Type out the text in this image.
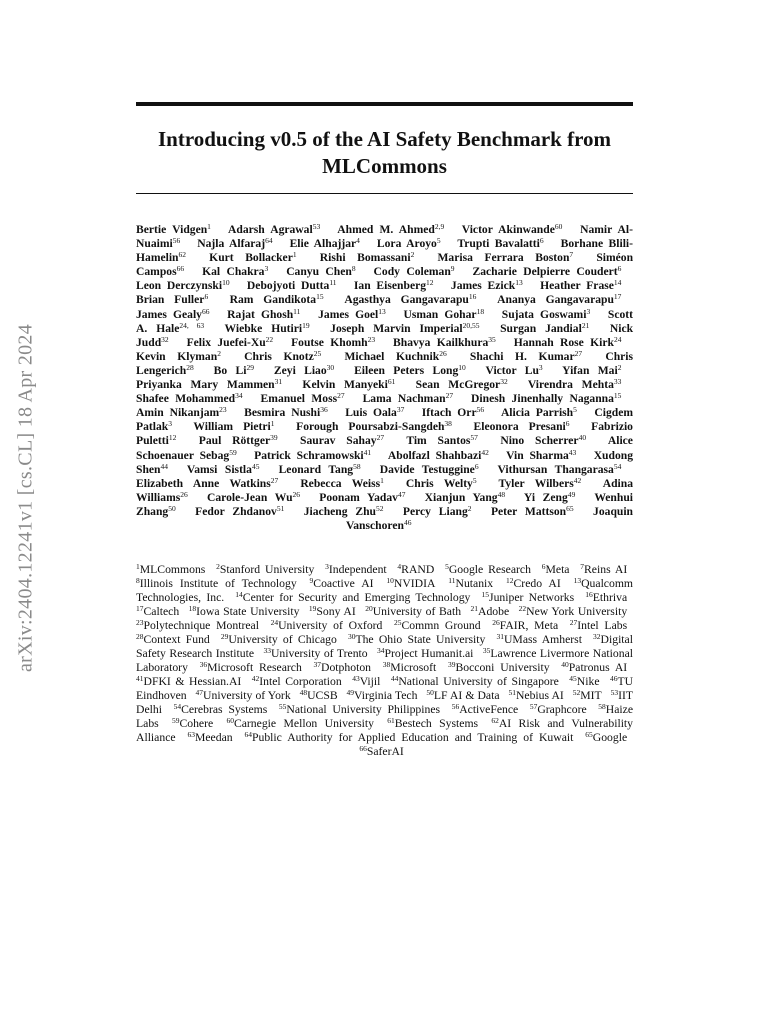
arXiv:2404.12241v1 [cs.CL] 18 Apr 2024
Introducing v0.5 of the AI Safety Benchmark from MLCommons
Bertie Vidgen$^1$  Adarsh Agrawal$^{53}$  Ahmed M. Ahmed$^{2,9}$  Victor Akinwande$^{60}$  Namir Al-Nuaimi$^{56}$  Najla Alfaraj$^{64}$  Elie Alhajjar$^4$  Lora Aroyo$^5$  Trupti Bavalatti$^6$  Borhane Blili-Hamelin$^{62}$  Kurt Bollacker$^1$  Rishi Bomassani$^2$  Marisa Ferrara Boston$^7$  Siméon Campos$^{66}$  Kal Chakra$^3$  Canyu Chen$^8$  Cody Coleman$^9$  Zacharie Delpierre Coudert$^6$  Leon Derczynski$^{10}$  Debojyoti Dutta$^{11}$  Ian Eisenberg$^{12}$  James Ezick$^{13}$  Heather Frase$^{14}$  Brian Fuller$^6$  Ram Gandikota$^{15}$  Agasthya Gangavarapu$^{16}$  Ananya Gangavarapu$^{17}$  James Gealy$^{66}$  Rajat Ghosh$^{11}$  James Goel$^{13}$  Usman Gohar$^{18}$  Sujata Goswami$^3$  Scott A. Hale$^{24, 63}$  Wiebke Hutiri$^{19}$  Joseph Marvin Imperial$^{20,55}$  Surgan Jandial$^{21}$  Nick Judd$^{32}$  Felix Juefei-Xu$^{22}$  Foutse Khomh$^{23}$  Bhavya Kailkhura$^{35}$  Hannah Rose Kirk$^{24}$  Kevin Klyman$^2$  Chris Knotz$^{25}$  Michael Kuchnik$^{26}$  Shachi H. Kumar$^{27}$  Chris Lengerich$^{28}$  Bo Li$^{29}$  Zeyi Liao$^{30}$  Eileen Peters Long$^{10}$  Victor Lu$^3$  Yifan Mai$^2$  Priyanka Mary Mammen$^{31}$  Kelvin Manyeki$^{61}$  Sean McGregor$^{32}$  Virendra Mehta$^{33}$  Shafee Mohammed$^{34}$  Emanuel Moss$^{27}$  Lama Nachman$^{27}$  Dinesh Jinenhally Naganna$^{15}$  Amin Nikanjam$^{23}$  Besmira Nushi$^{36}$  Luis Oala$^{37}$  Iftach Orr$^{56}$  Alicia Parrish$^5$  Cigdem Patlak$^3$  William Pietri$^1$  Forough Poursabzi-Sangdeh$^{38}$  Eleonora Presani$^6$  Fabrizio Puletti$^{12}$  Paul Röttger$^{39}$  Saurav Sahay$^{27}$  Tim Santos$^{57}$  Nino Scherrer$^{40}$  Alice Schoenauer Sebag$^{59}$  Patrick Schramowski$^{41}$  Abolfazl Shahbazi$^{42}$  Vin Sharma$^{43}$  Xudong Shen$^{44}$  Vamsi Sistla$^{45}$  Leonard Tang$^{58}$  Davide Testuggine$^6$  Vithursan Thangarasa$^{54}$  Elizabeth Anne Watkins$^{27}$  Rebecca Weiss$^1$  Chris Welty$^5$  Tyler Wilbers$^{42}$  Adina Williams$^{26}$  Carole-Jean Wu$^{26}$  Poonam Yadav$^{47}$  Xianjun Yang$^{48}$  Yi Zeng$^{49}$  Wenhui Zhang$^{50}$  Fedor Zhdanov$^{51}$  Jiacheng Zhu$^{52}$  Percy Liang$^2$  Peter Mattson$^{65}$  Joaquin Vanschoren$^{46}$ 
$^1$MLCommons  $^2$Stanford University  $^3$Independent  $^4$RAND  $^5$Google Research  $^6$Meta  $^7$Reins AI  $^8$Illinois Institute of Technology  $^9$Coactive AI  $^{10}$NVIDIA  $^{11}$Nutanix  $^{12}$Credo AI  $^{13}$Qualcomm Technologies, Inc.  $^{14}$Center for Security and Emerging Technology  $^{15}$Juniper Networks  $^{16}$Ethriva  $^{17}$Caltech  $^{18}$Iowa State University  $^{19}$Sony AI  $^{20}$University of Bath  $^{21}$Adobe  $^{22}$New York University  $^{23}$Polytechnique Montreal  $^{24}$University of Oxford  $^{25}$Commn Ground  $^{26}$FAIR, Meta  $^{27}$Intel Labs  $^{28}$Context Fund  $^{29}$University of Chicago  $^{30}$The Ohio State University  $^{31}$UMass Amherst  $^{32}$Digital Safety Research Institute  $^{33}$University of Trento  $^{34}$Project Humanit.ai  $^{35}$Lawrence Livermore National Laboratory  $^{36}$Microsoft Research  $^{37}$Dotphoton  $^{38}$Microsoft  $^{39}$Bocconi University  $^{40}$Patronus AI  $^{41}$DFKI & Hessian.AI  $^{42}$Intel Corporation  $^{43}$Vijil  $^{44}$National University of Singapore  $^{45}$Nike  $^{46}$TU Eindhoven  $^{47}$University of York  $^{48}$UCSB  $^{49}$Virginia Tech  $^{50}$LF AI & Data  $^{51}$Nebius AI  $^{52}$MIT  $^{53}$IIT Delhi  $^{54}$Cerebras Systems  $^{55}$National University Philippines  $^{56}$ActiveFence  $^{57}$Graphcore  $^{58}$Haize Labs  $^{59}$Cohere  $^{60}$Carnegie Mellon University  $^{61}$Bestech Systems  $^{62}$AI Risk and Vulnerability Alliance  $^{63}$Meedan  $^{64}$Public Authority for Applied Education and Training of Kuwait  $^{65}$Google  $^{66}$SaferAI 
